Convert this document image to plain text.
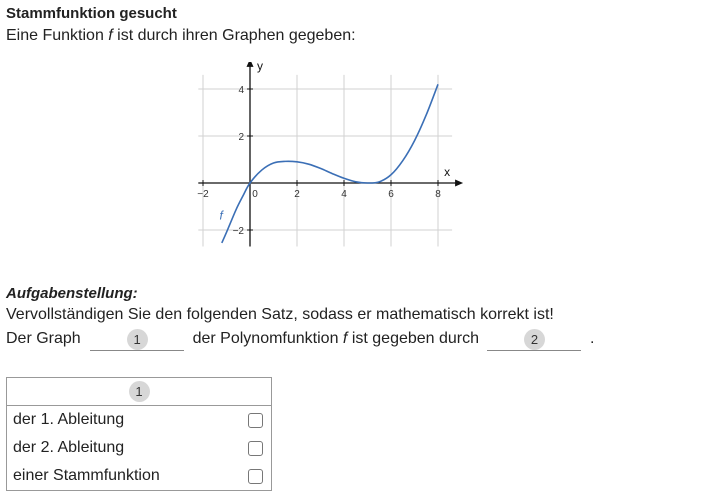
Stammfunktion gesucht
Eine Funktion f ist durch ihren Graphen gegeben:
x
y
−2	0	2	4	6	8
−2
2
4
f
Aufgabenstellung:
Vervollständigen Sie den folgenden Satz, sodass er mathematisch korrekt ist!
Der Graph	1	der Polynomfunktion f ist gegeben durch	2	.
1
der 1. Ableitung
der 2. Ableitung
einer Stammfunktion
